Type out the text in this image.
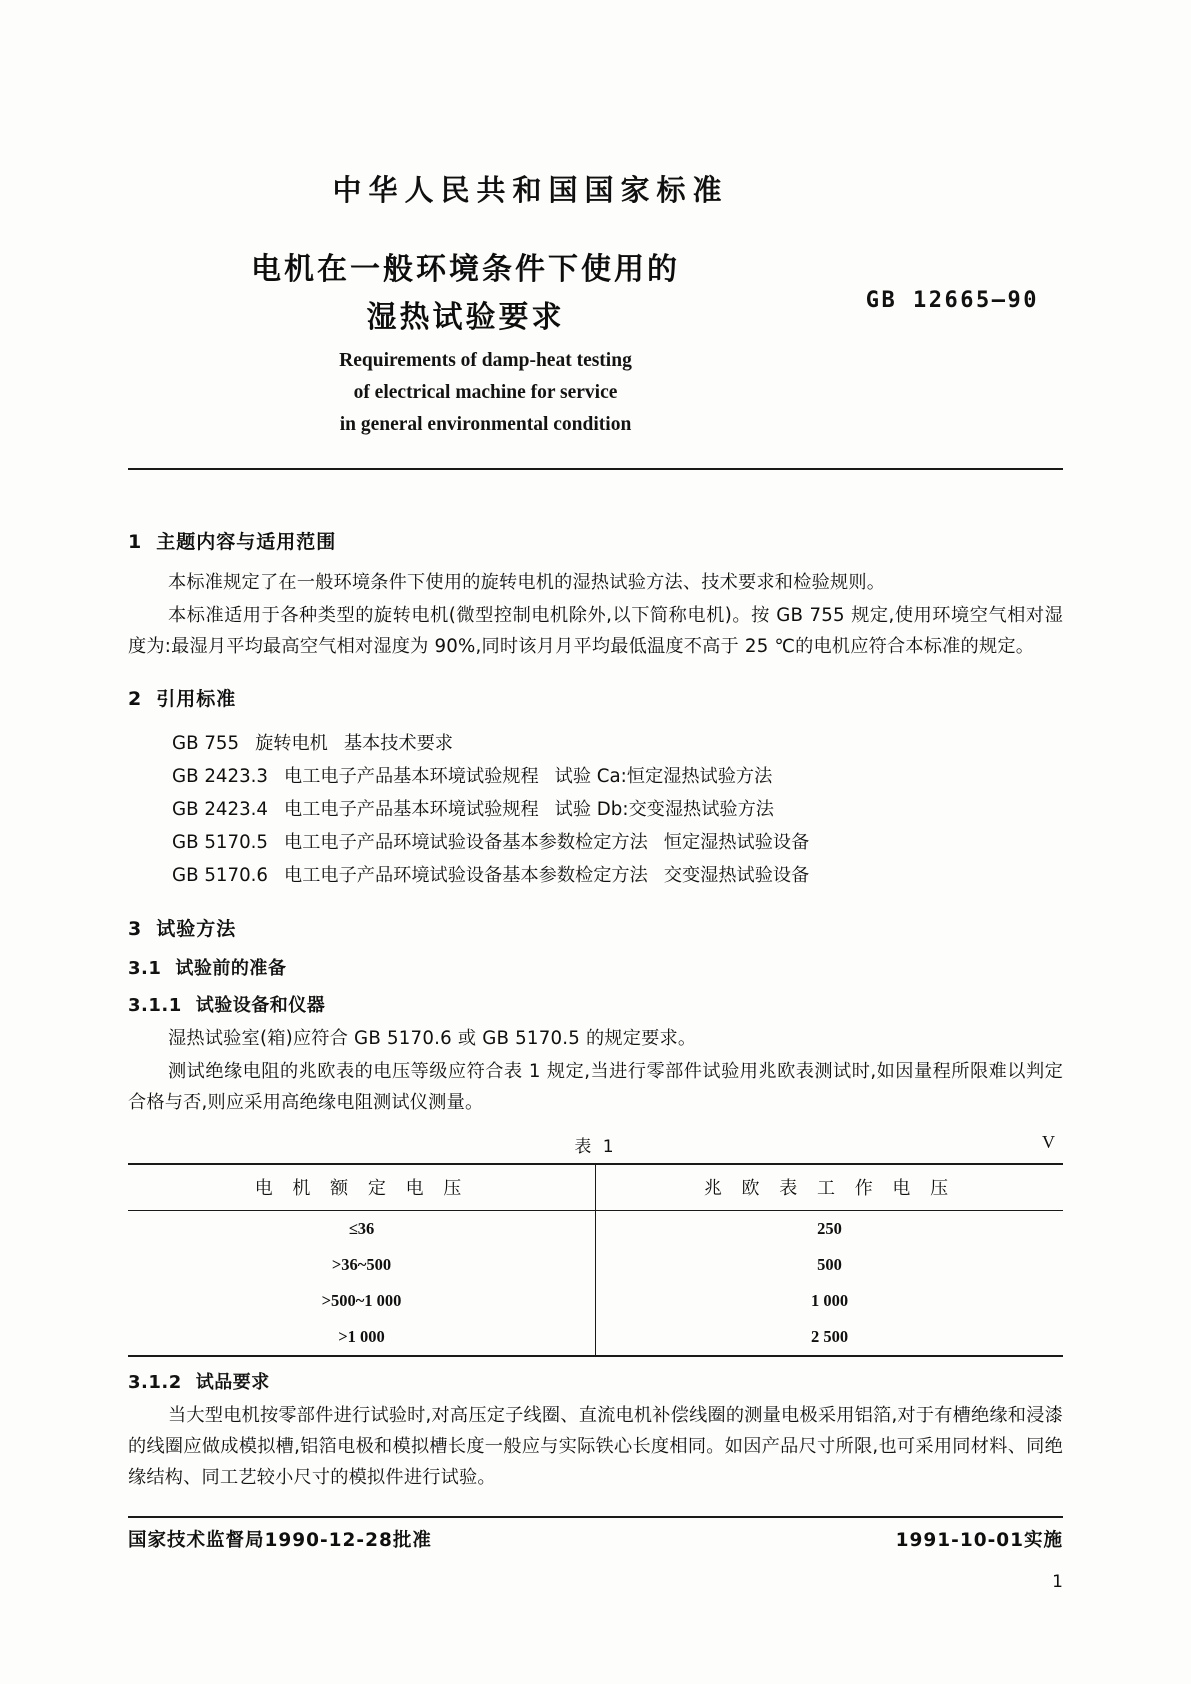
中华人民共和国国家标准
电机在一般环境条件下使用的
湿热试验要求	GB 12665—90
Requirements of damp-heat testing
of electrical machine for service
in general environmental condition
1 主题内容与适用范围

本标准规定了在一般环境条件下使用的旋转电机的湿热试验方法、技术要求和检验规则。

本标准适用于各种类型的旋转电机(微型控制电机除外,以下简称电机)。按 GB 755 规定,使用环境空气相对湿度为:最湿月平均最高空气相对湿度为 90%,同时该月月平均最低温度不高于 25 ℃的电机应符合本标准的规定。

2 引用标准
GB 755 旋转电机 基本技术要求
GB 2423.3 电工电子产品基本环境试验规程 试验 Ca:恒定湿热试验方法
GB 2423.4 电工电子产品基本环境试验规程 试验 Db:交变湿热试验方法
GB 5170.5 电工电子产品环境试验设备基本参数检定方法 恒定湿热试验设备
GB 5170.6 电工电子产品环境试验设备基本参数检定方法 交变湿热试验设备
3 试验方法
3.1 试验前的准备
3.1.1 试验设备和仪器

湿热试验室(箱)应符合 GB 5170.6 或 GB 5170.5 的规定要求。

测试绝缘电阻的兆欧表的电压等级应符合表 1 规定,当进行零部件试验用兆欧表测试时,如因量程所限难以判定合格与否,则应采用高绝缘电阻测试仪测量。

表 1	V
电 机 额 定 电 压	兆 欧 表 工 作 电 压
≤36	250
>36~500	500
>500~1 000	1 000
>1 000	2 500
3.1.2 试品要求

当大型电机按零部件进行试验时,对高压定子线圈、直流电机补偿线圈的测量电极采用铝箔,对于有槽绝缘和浸漆的线圈应做成模拟槽,铝箔电极和模拟槽长度一般应与实际铁心长度相同。如因产品尺寸所限,也可采用同材料、同绝缘结构、同工艺较小尺寸的模拟件进行试验。

国家技术监督局1990-12-28批准	1991-10-01实施
1
